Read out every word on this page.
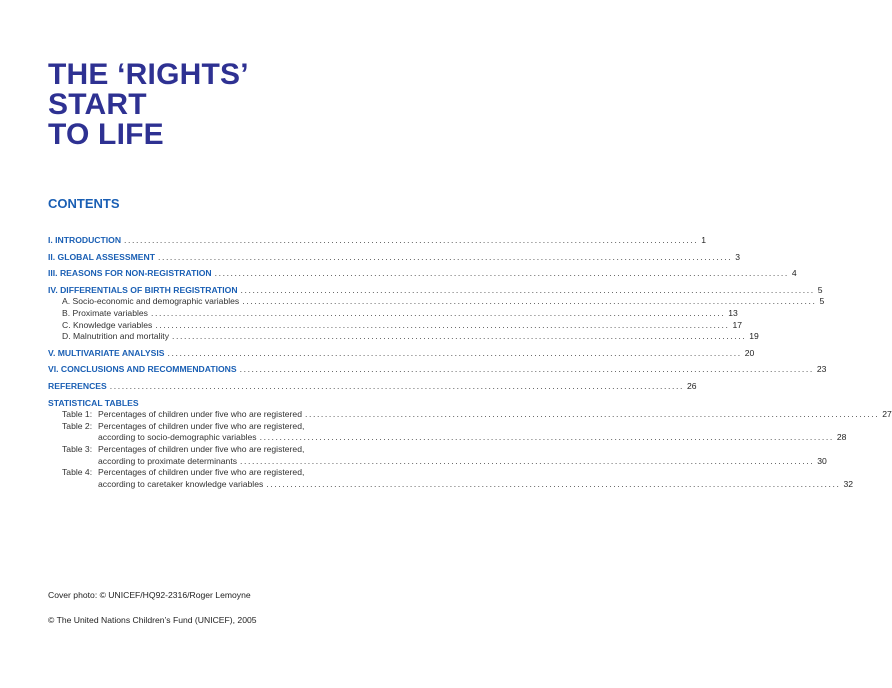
THE ‘RIGHTS’
START
TO LIFE
CONTENTS
I. INTRODUCTION .....	1
II. GLOBAL ASSESSMENT .....	3
III. REASONS FOR NON-REGISTRATION .....	4
IV. DIFFERENTIALS OF BIRTH REGISTRATION .....	5
A. Socio-economic and demographic variables .....	5
B. Proximate variables .....	13
C. Knowledge variables .....	17
D. Malnutrition and mortality .....	19
V. MULTIVARIATE ANALYSIS .....	20
VI. CONCLUSIONS AND RECOMMENDATIONS .....	23
REFERENCES .....	26
STATISTICAL TABLES
Table 1: Percentages of children under five who are registered .....	27
Table 2: Percentages of children under five who are registered,
according to socio-demographic variables .....	28
Table 3: Percentages of children under five who are registered,
according to proximate determinants .....	30
Table 4: Percentages of children under five who are registered,
according to caretaker knowledge variables .....	32
Cover photo: © UNICEF/HQ92-2316/Roger Lemoyne
© The United Nations Children’s Fund (UNICEF), 2005
